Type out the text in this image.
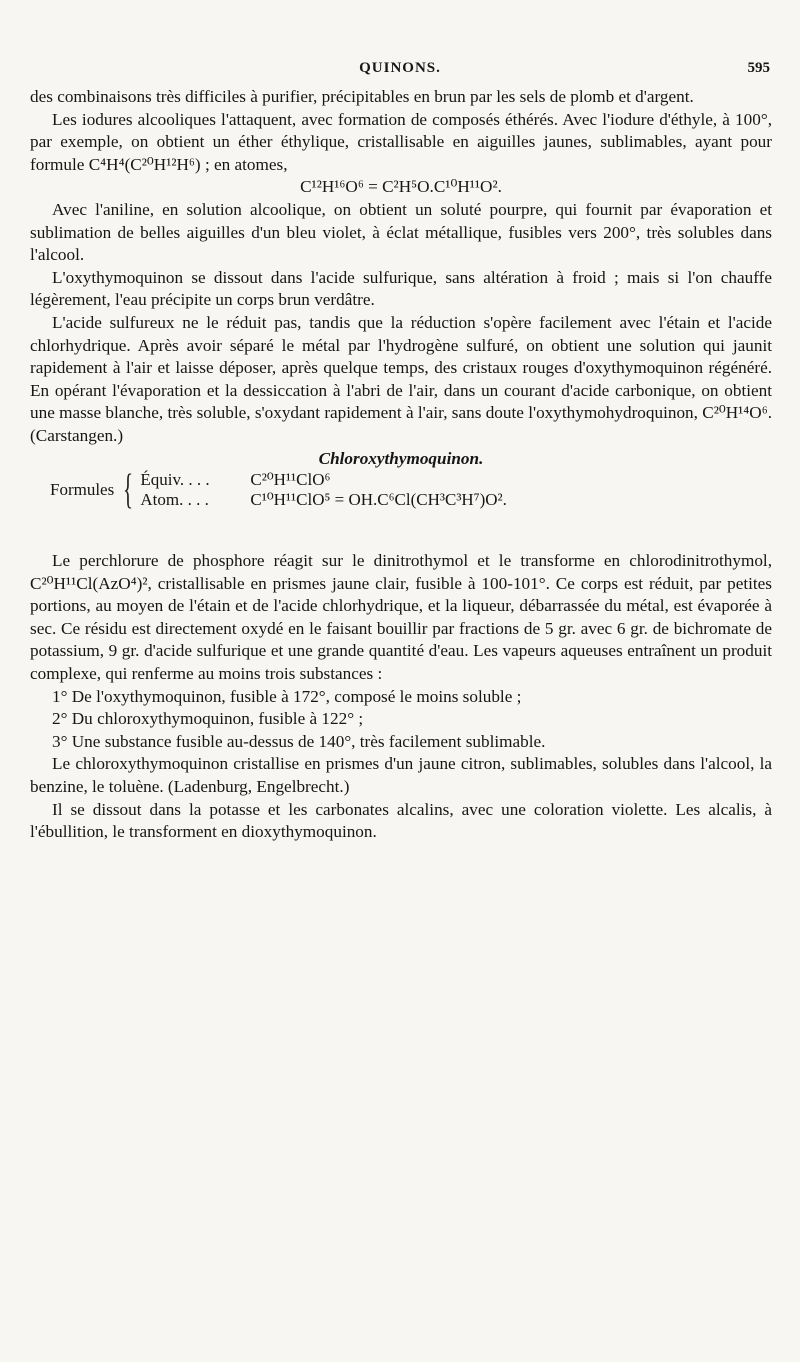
QUINONS.	595

des combinaisons très difficiles à purifier, précipitables en brun par les sels de plomb et d'argent.

Les iodures alcooliques l'attaquent, avec formation de composés éthérés. Avec l'iodure d'éthyle, à 100°, par exemple, on obtient un éther éthylique, cristallisable en aiguilles jaunes, sublimables, ayant pour formule C⁴H⁴(C²⁰H¹²H⁶) ; en atomes,

C¹²H¹⁶O⁶ = C²H⁵O.C¹⁰H¹¹O².

Avec l'aniline, en solution alcoolique, on obtient un soluté pourpre, qui fournit par évaporation et sublimation de belles aiguilles d'un bleu violet, à éclat métallique, fusibles vers 200°, très solubles dans l'alcool.

L'oxythymoquinon se dissout dans l'acide sulfurique, sans altération à froid ; mais si l'on chauffe légèrement, l'eau précipite un corps brun verdâtre.

L'acide sulfureux ne le réduit pas, tandis que la réduction s'opère facilement avec l'étain et l'acide chlorhydrique. Après avoir séparé le métal par l'hydrogène sulfuré, on obtient une solution qui jaunit rapidement à l'air et laisse déposer, après quelque temps, des cristaux rouges d'oxythymoquinon régénéré. En opérant l'évaporation et la dessiccation à l'abri de l'air, dans un courant d'acide carbonique, on obtient une masse blanche, très soluble, s'oxydant rapidement à l'air, sans doute l'oxythymohydroquinon, C²⁰H¹⁴O⁶. (Carstangen.)

Chloroxythymoquinon.

Formules { Équiv. . . .	C²⁰H¹¹ClO⁶
Atom. . . .	C¹⁰H¹¹ClO⁵ = OH.C⁶Cl(CH³C³H⁷)O².

Le perchlorure de phosphore réagit sur le dinitrothymol et le transforme en chlorodinitrothymol, C²⁰H¹¹Cl(AzO⁴)², cristallisable en prismes jaune clair, fusible à 100-101°. Ce corps est réduit, par petites portions, au moyen de l'étain et de l'acide chlorhydrique, et la liqueur, débarrassée du métal, est évaporée à sec. Ce résidu est directement oxydé en le faisant bouillir par fractions de 5 gr. avec 6 gr. de bichromate de potassium, 9 gr. d'acide sulfurique et une grande quantité d'eau. Les vapeurs aqueuses entraînent un produit complexe, qui renferme au moins trois substances :

1° De l'oxythymoquinon, fusible à 172°, composé le moins soluble ;

2° Du chloroxythymoquinon, fusible à 122° ;

3° Une substance fusible au-dessus de 140°, très facilement sublimable.

Le chloroxythymoquinon cristallise en prismes d'un jaune citron, sublimables, solubles dans l'alcool, la benzine, le toluène. (Ladenburg, Engelbrecht.)

Il se dissout dans la potasse et les carbonates alcalins, avec une coloration violette. Les alcalis, à l'ébullition, le transforment en dioxythymoquinon.
